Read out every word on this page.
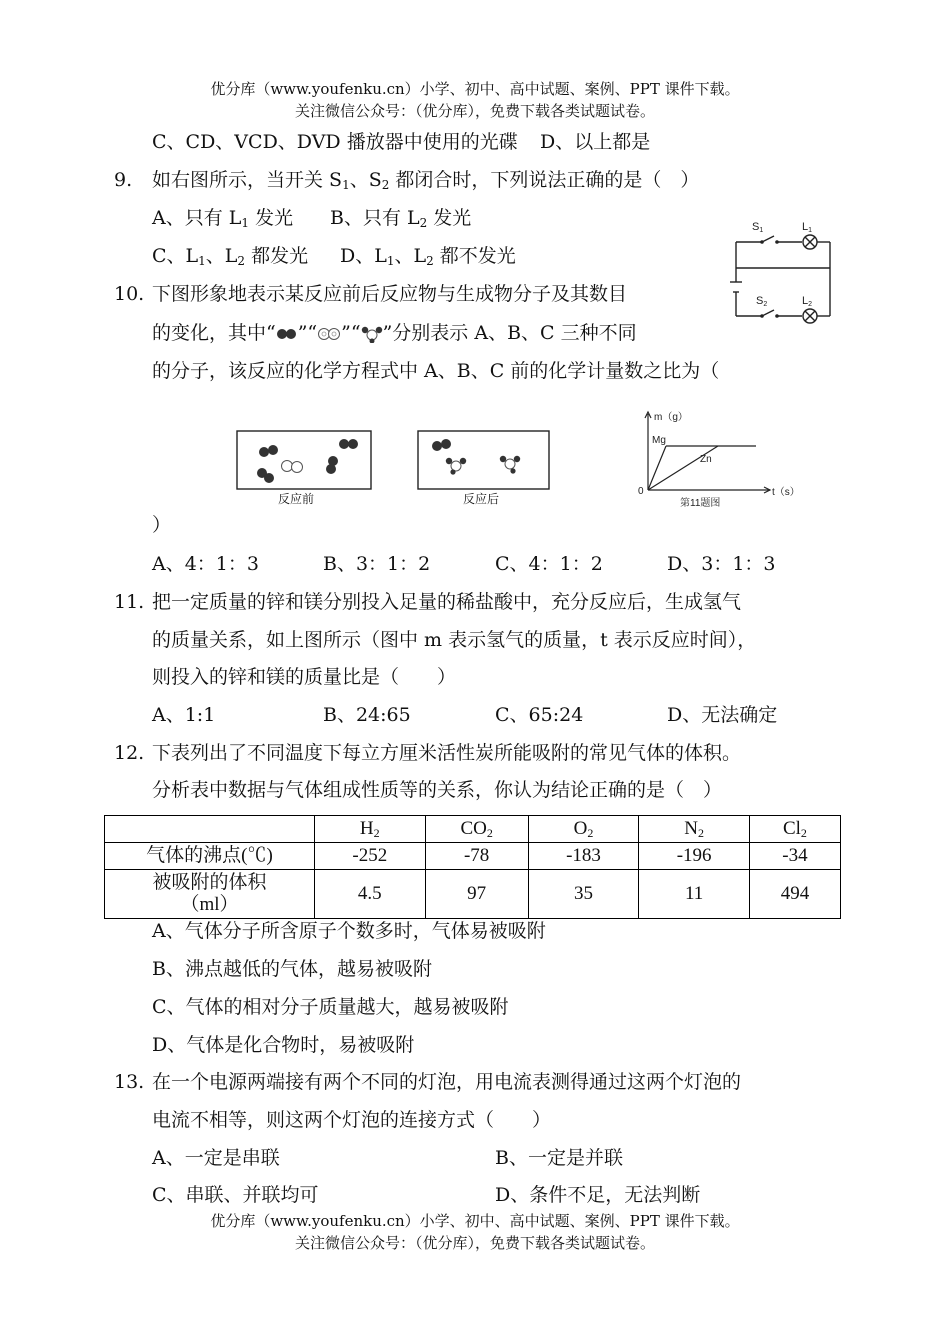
优分库（www.youfenku.cn）小学、初中、高中试题、案例、PPT 课件下载。
关注微信公众号：（优分库），免费下载各类试题试卷。
C、CD、VCD、DVD 播放器中使用的光碟 D、以上都是
9. 如右图所示，当开关 $S_1$、$S_2$ 都闭合时，下列说法正确的是（　）
A、只有 $L_1$ 发光 B、只有 $L_2$ 发光
C、$L_1$、$L_2$ 都发光 D、$L_1$、$L_2$ 都不发光
S1	L1
S2	L2
10. 下图形象地表示某反应前后反应物与生成物分子及其数目
的变化，其中“ ”“ ”“ ”分别表示 A、B、C 三种不同
的分子，该反应的化学方程式中 A、B、C 前的化学计量数之比为（
反应前	反应后
m（g）
Mg
Zn
0	t（s）
第11题图
）
A、4：1：3	B、3：1：2	C、4：1：2	D、3：1：3
11. 把一定质量的锌和镁分别投入足量的稀盐酸中，充分反应后，生成氢气
的质量关系，如上图所示（图中 m 表示氢气的质量，t 表示反应时间），
则投入的锌和镁的质量比是（　　）
A、1:1	B、24:65	C、65:24	D、无法确定
12. 下表列出了不同温度下每立方厘米活性炭所能吸附的常见气体的体积。
分析表中数据与气体组成性质等的关系，你认为结论正确的是（　）
	$H_2$	$CO_2$	$O_2$	$N_2$	$Cl_2$
气体的沸点(℃)	-252	-78	-183	-196	-34
被吸附的体积
（ml）	4.5	97	35	11	494
A、气体分子所含原子个数多时，气体易被吸附
B、沸点越低的气体，越易被吸附
C、气体的相对分子质量越大，越易被吸附
D、气体是化合物时，易被吸附
13. 在一个电源两端接有两个不同的灯泡，用电流表测得通过这两个灯泡的
电流不相等，则这两个灯泡的连接方式（　　）
A、一定是串联	B、一定是并联
C、串联、并联均可	D、条件不足，无法判断
优分库（www.youfenku.cn）小学、初中、高中试题、案例、PPT 课件下载。
关注微信公众号：（优分库），免费下载各类试题试卷。
